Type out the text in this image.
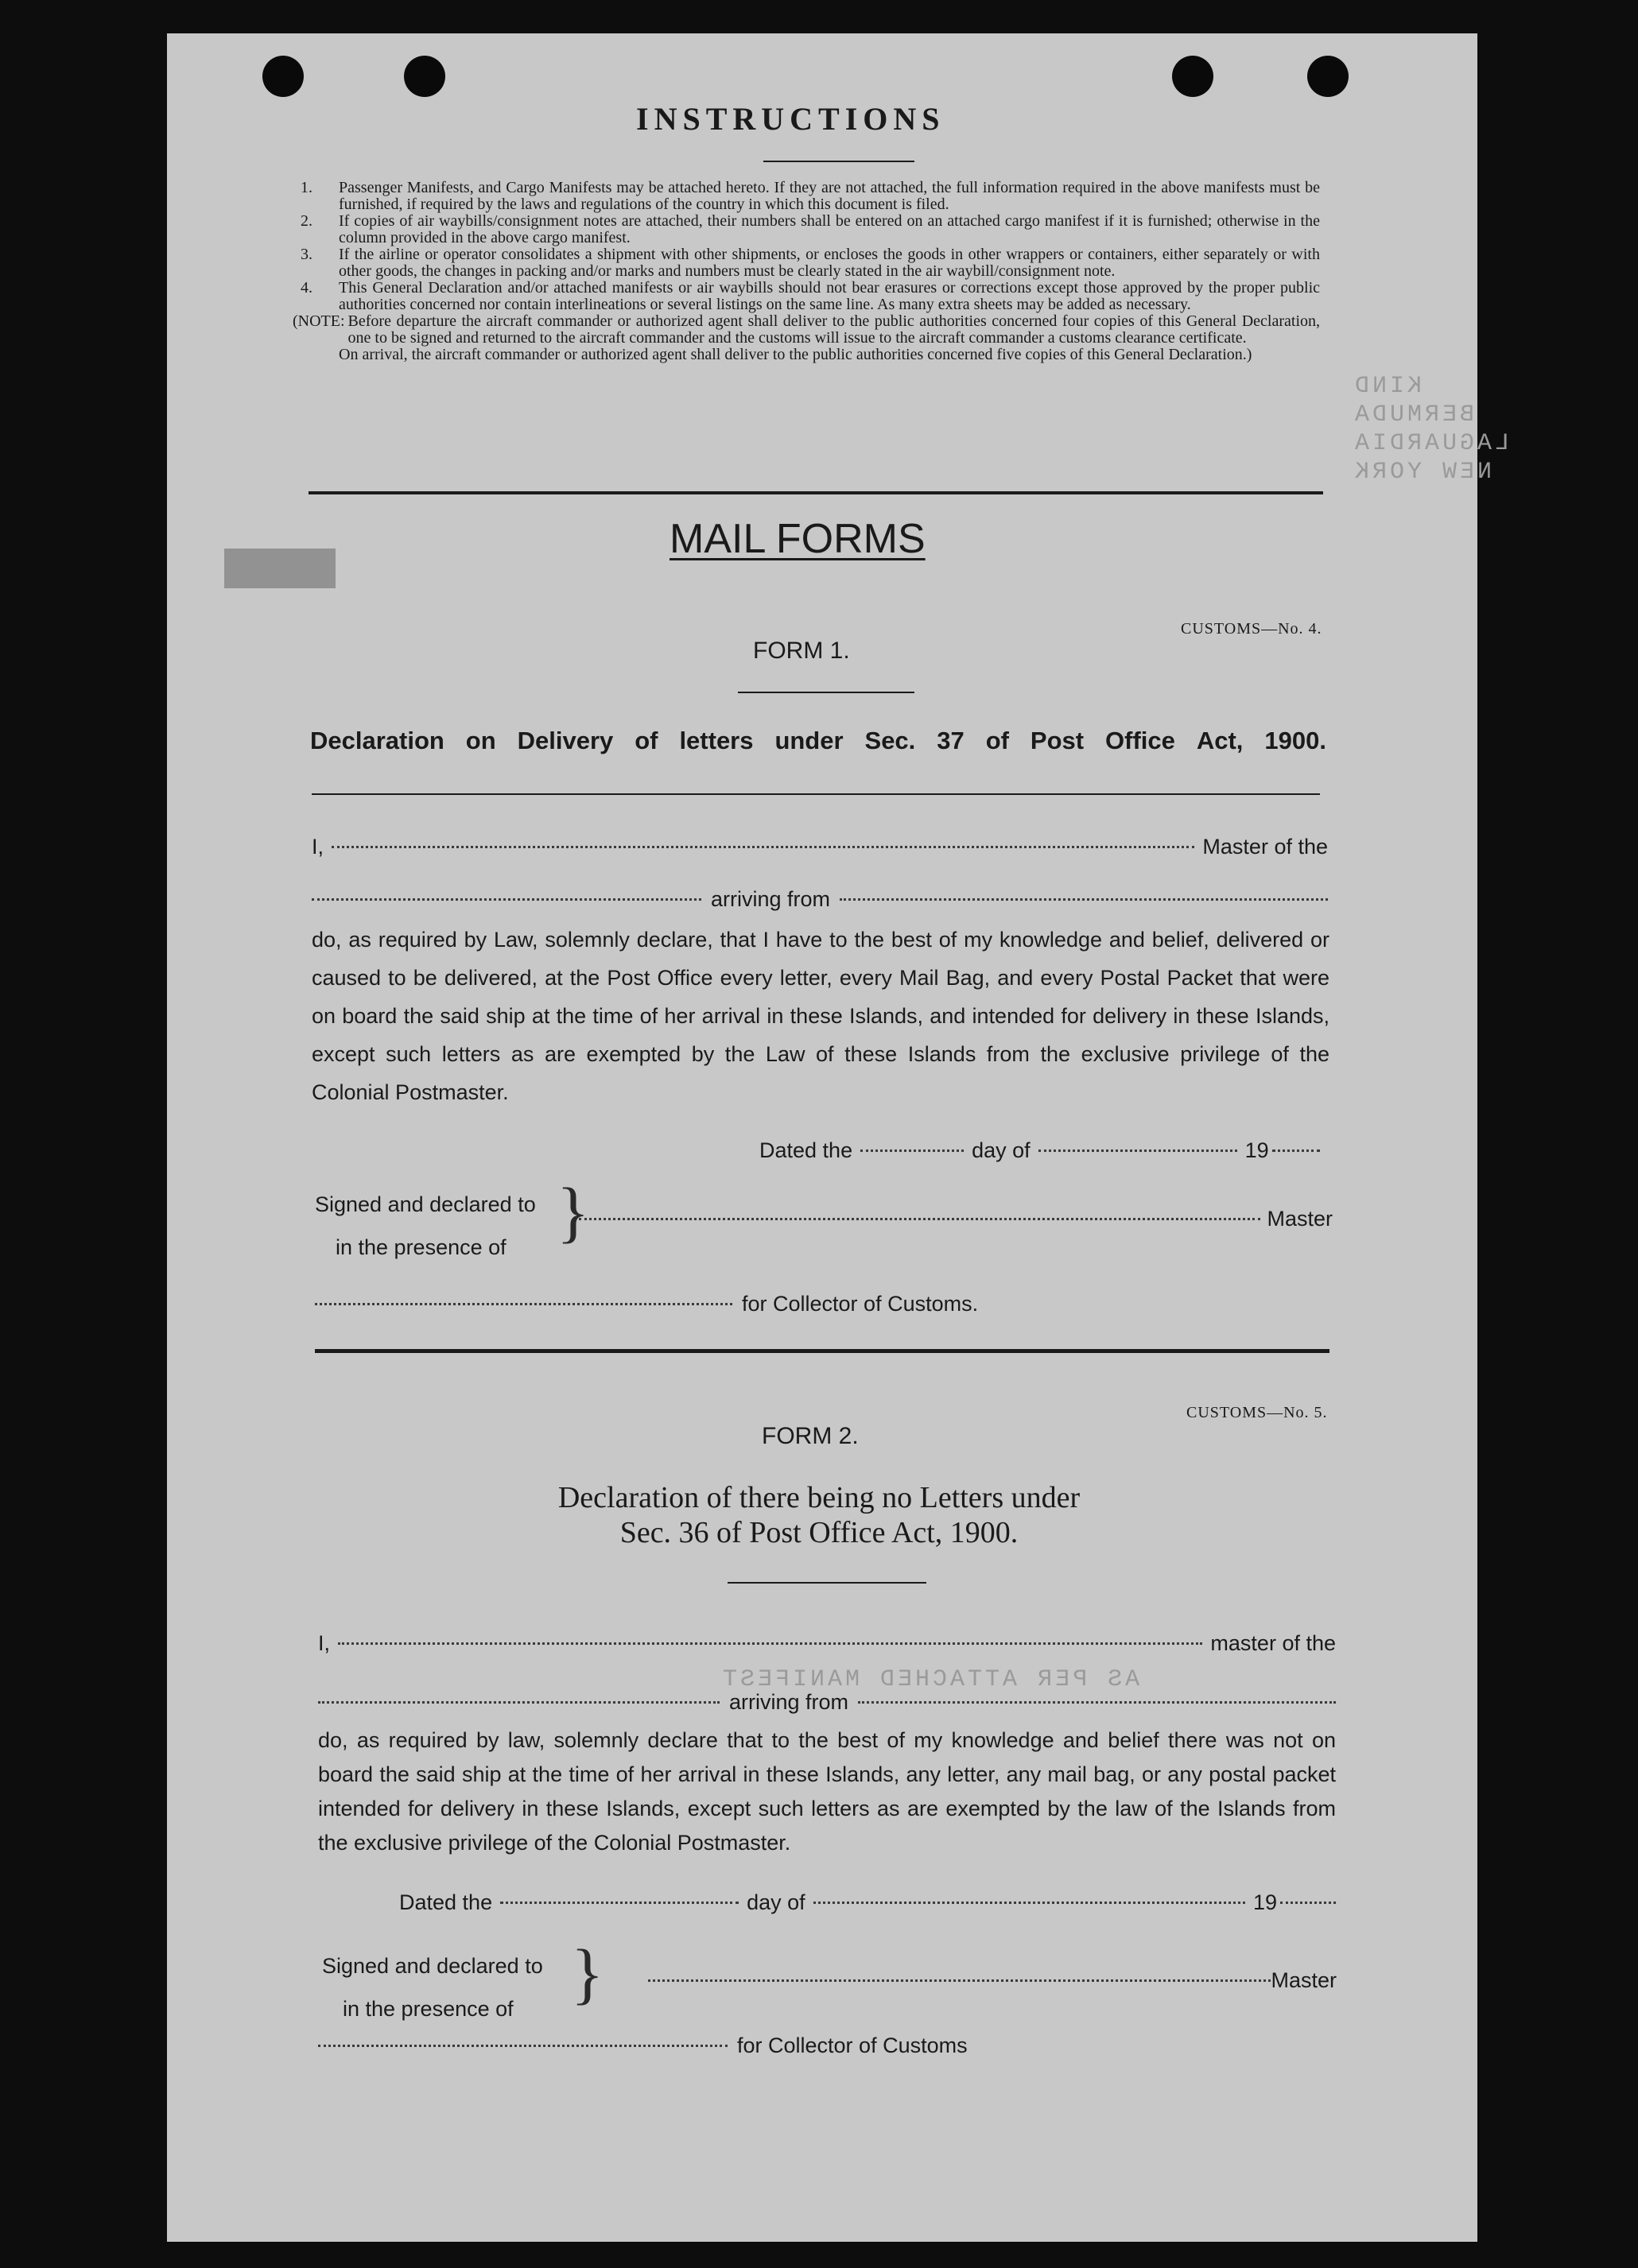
KIND
BERMUDA
LAGUARDIA
NEW YORK
AS PER ATTACHED MANIFEST
INSTRUCTIONS
1.	Passenger Manifests, and Cargo Manifests may be attached hereto. If they are not attached, the full information required in the above manifests must be furnished, if required by the laws and regulations of the country in which this document is filed.
2.	If copies of air waybills/consignment notes are attached, their numbers shall be entered on an attached cargo manifest if it is furnished; otherwise in the column provided in the above cargo manifest.
3.	If the airline or operator consolidates a shipment with other shipments, or encloses the goods in other wrappers or containers, either separately or with other goods, the changes in packing and/or marks and numbers must be clearly stated in the air waybill/consignment note.
4.	This General Declaration and/or attached manifests or air waybills should not bear erasures or corrections except those approved by the proper public authorities concerned nor contain interlineations or several listings on the same line. As many extra sheets may be added as necessary.
(NOTE: Before departure the aircraft commander or authorized agent shall deliver to the public authorities concerned four copies of this General Declaration, one to be signed and returned to the aircraft commander and the customs will issue to the aircraft commander a customs clearance certificate.
On arrival, the aircraft commander or authorized agent shall deliver to the public authorities concerned five copies of this General Declaration.)
MAIL FORMS
CUSTOMS—No. 4.
FORM 1.
Declaration on Delivery of letters under Sec. 37 of Post Office Act, 1900.
I,	Master of the
arriving from
do, as required by Law, solemnly declare, that I have to the best of my knowledge and belief, delivered or caused to be delivered, at the Post Office every letter, every Mail Bag, and every Postal Packet that were on board the said ship at the time of her arrival in these Islands, and intended for delivery in these Islands, except such letters as are exempted by the Law of these Islands from the exclusive privilege of the Colonial Postmaster.
Dated the	day of	19
Signed and declared to
in the presence of }	Master
for Collector of Customs.
CUSTOMS—No. 5.
FORM 2.
Declaration of there being no Letters under
Sec. 36 of Post Office Act, 1900.
I,	master of the
arriving from
do, as required by law, solemnly declare that to the best of my knowledge and belief there was not on board the said ship at the time of her arrival in these Islands, any letter, any mail bag, or any postal packet intended for delivery in these Islands, except such letters as are exempted by the law of the Islands from the exclusive privilege of the Colonial Postmaster.
Dated the	day of	19
Signed and declared to
in the presence of }	Master
for Collector of Customs
